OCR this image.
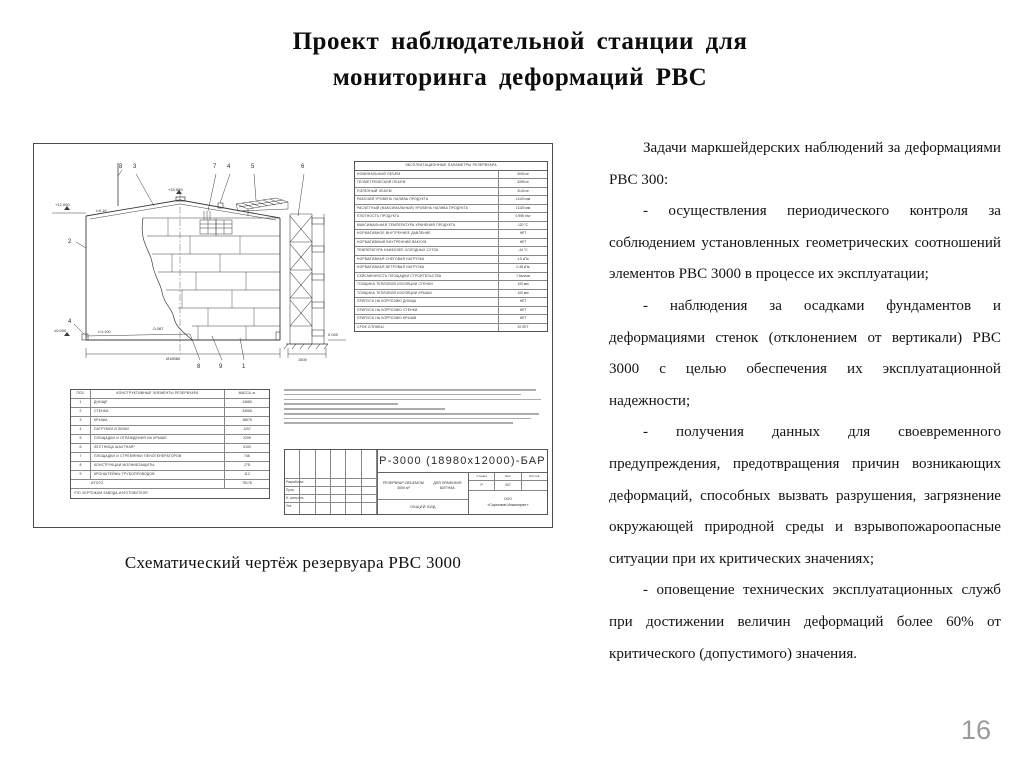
Проект наблюдательной станции для
мониторинга деформаций РВС
8 3	7 4	5	6
2
4
8	9	1
+12.000
+15.589
±0.000	-0.087
0.040
i=0.16
i=1:100
Ø18980	1500
ЭКСПЛУАТАЦИОННЫЕ ПАРАМЕТРЫ РЕЗЕРВУАРА
НОМИНАЛЬНЫЙ ОБЪЕМ	3000 м³
ГЕОМЕТРИЧЕСКИЙ ОБЪЕМ	3395 м³
ПОЛЕЗНЫЙ ОБЪЕМ	3140 м³
РАБОЧИЙ УРОВЕНЬ НАЛИВА ПРОДУКТА	11100 мм
РАСЧЕТНЫЙ (МАКСИМАЛЬНЫЙ) УРОВЕНЬ НАЛИВА ПРОДУКТА	11100 мм
ПЛОТНОСТЬ ПРОДУКТА	0.998 т/м³
МАКСИМАЛЬНАЯ ТЕМПЕРАТУРА ХРАНЕНИЯ ПРОДУКТА	120 °С
НОРМАТИВНОЕ ВНУТРЕННЕЕ ДАВЛЕНИЕ	НЕТ
НОРМАТИВНЫЙ ВНУТРЕННИЙ ВАКУУМ	НЕТ
ТЕМПЕРАТУРА НАИБОЛЕЕ ХОЛОДНЫХ СУТОК	-44 °С
НОРМАТИВНАЯ СНЕГОВАЯ НАГРУЗКА	1.5 кПа
НОРМАТИВНАЯ ВЕТРОВАЯ НАГРУЗКА	0.38 кПа
СЕЙСМИЧНОСТЬ ПЛОЩАДКИ СТРОИТЕЛЬСТВА	7 баллов
ТОЛЩИНА ТЕПЛОВОЙ ИЗОЛЯЦИИ СТЕНКИ	100 мм
ТОЛЩИНА ТЕПЛОВОЙ ИЗОЛЯЦИИ КРЫШИ	100 мм
ПРИПУСК НА КОРРОЗИЮ ДНИЩА	НЕТ
ПРИПУСК НА КОРРОЗИЮ СТЕНКИ	НЕТ
ПРИПУСК НА КОРРОЗИЮ КРЫШИ	НЕТ
СРОК СЛУЖБЫ	20 ЛЕТ
ПОЗ.	КОНСТРУКТИВНЫЕ ЭЛЕМЕНТЫ РЕЗЕРВУАРА	МАССА, кг
1	ДНИЩЕ	13680
2	СТЕНКА	34965
3	КРЫША	18679
4	ПАТРУБКИ И ЛЮКИ	1207
5	ПЛОЩАДКИ И ОГРАЖДЕНИЯ НА КРЫШЕ	2209
6	ЛЕСТНИЦА ШАХТНАЯ*	5100
7	ПЛОЩАДКИ И СТРЕМЯНКИ ПЕНОГЕНЕРАТОРОВ	746
8	КОНСТРУКЦИИ МОЛНИЕЗАЩИТЫ	278
9	КРОНШТЕЙНЫ ТРУБОПРОВОДОВ	112
ИТОГО	75176
*ПО ЧЕРТЕЖАМ ЗАВОДА-ИЗГОТОВИТЕЛЯ
Разработал
Пров.
Н. контроль
Утв.
Р-3000 (18980х12000)-БАР
РЕЗЕРВУАР ОБЪЕМОМ 3000 м³

ДЛЯ ХРАНЕНИЯ БИТУМА
ОБЩИЙ ВИД
Стадия	Лист	Листов
Р	007
ООО
«Саратовин-Инжиниринг»
Схематический чертёж резервуара РВС 3000

Задачи маркшейдерских наблюдений за деформациями РВС 300:

- осуществления периодического контроля за соблюдением установленных геометрических соотношений элементов РВС 3000 в процессе их эксплуатации;

- наблюдения за осадками фундаментов и деформациями стенок (отклонением от вертикали) РВС 3000 с целью обеспечения их эксплуатационной надежности;

- получения данных для своевременного предупреждения, предотвращения причин возникающих деформаций, способных вызвать разрушения, загрязнение окружающей природной среды и взрывопожароопасные ситуации при их критических значениях;

- оповещение технических эксплуатационных служб при достижении величин деформаций более 60% от критического (допустимого) значения.

16
